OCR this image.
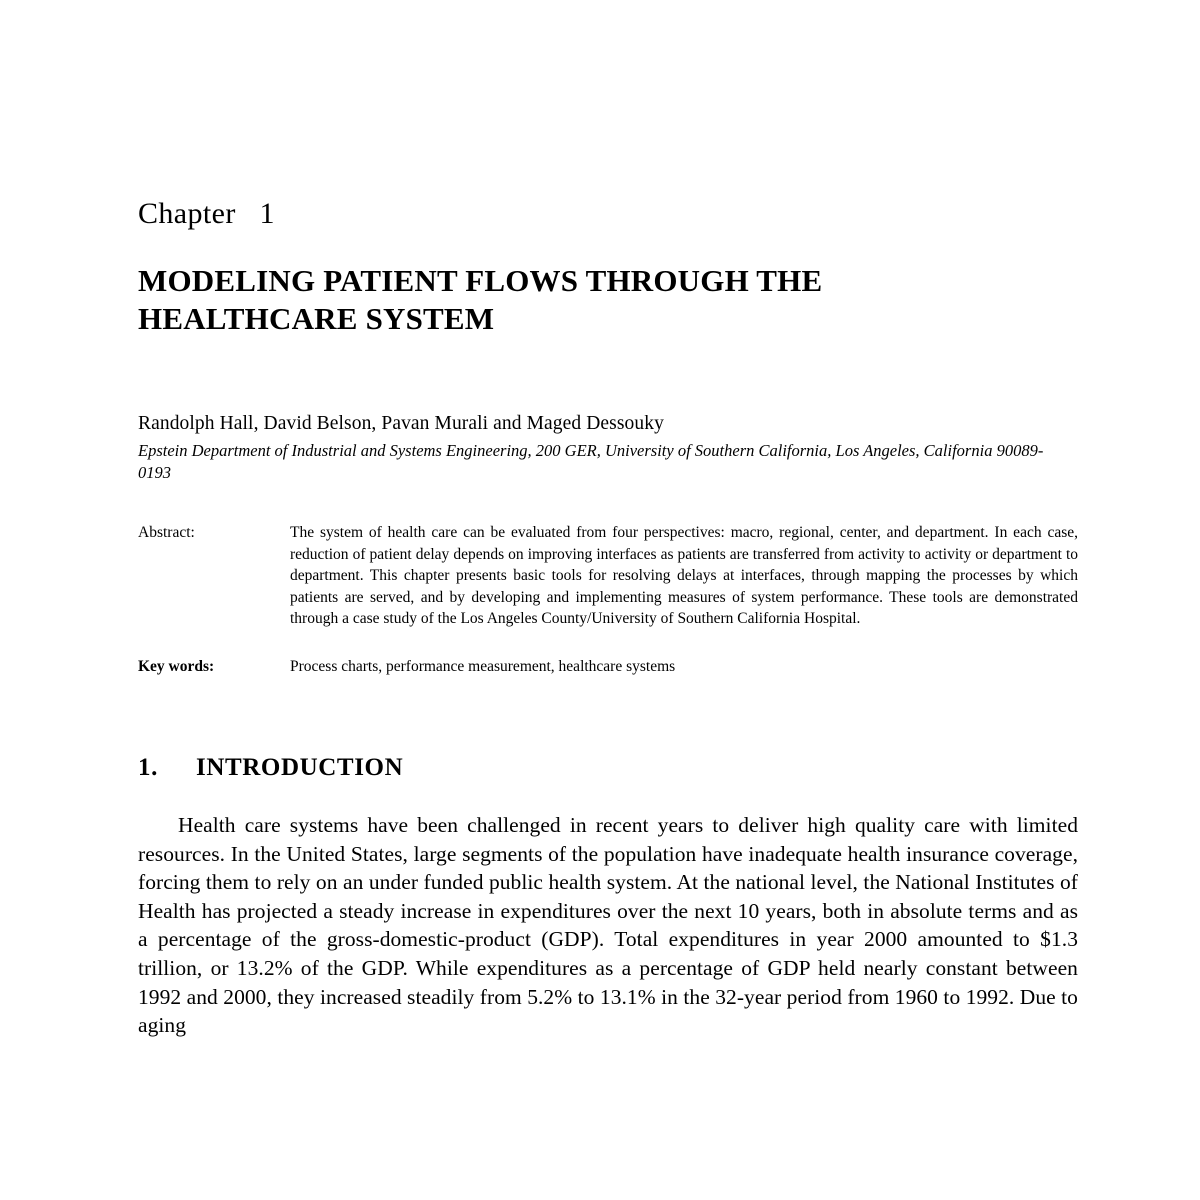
Chapter   1
MODELING PATIENT FLOWS THROUGH THE HEALTHCARE SYSTEM
Randolph Hall, David Belson, Pavan Murali and Maged Dessouky
Epstein Department of Industrial and Systems Engineering, 200 GER, University of Southern California, Los Angeles, California 90089-0193
Abstract:	The system of health care can be evaluated from four perspectives: macro, regional, center, and department. In each case, reduction of patient delay depends on improving interfaces as patients are transferred from activity to activity or department to department. This chapter presents basic tools for resolving delays at interfaces, through mapping the processes by which patients are served, and by developing and implementing measures of system performance. These tools are demonstrated through a case study of the Los Angeles County/University of Southern California Hospital.
Key words:	Process charts, performance measurement, healthcare systems
1.	INTRODUCTION

Health care systems have been challenged in recent years to deliver high quality care with limited resources. In the United States, large segments of the population have inadequate health insurance coverage, forcing them to rely on an under funded public health system. At the national level, the National Institutes of Health has projected a steady increase in expenditures over the next 10 years, both in absolute terms and as a percentage of the gross-domestic-product (GDP). Total expenditures in year 2000 amounted to $1.3 trillion, or 13.2% of the GDP. While expenditures as a percentage of GDP held nearly constant between 1992 and 2000, they increased steadily from 5.2% to 13.1% in the 32-year period from 1960 to 1992. Due to aging
